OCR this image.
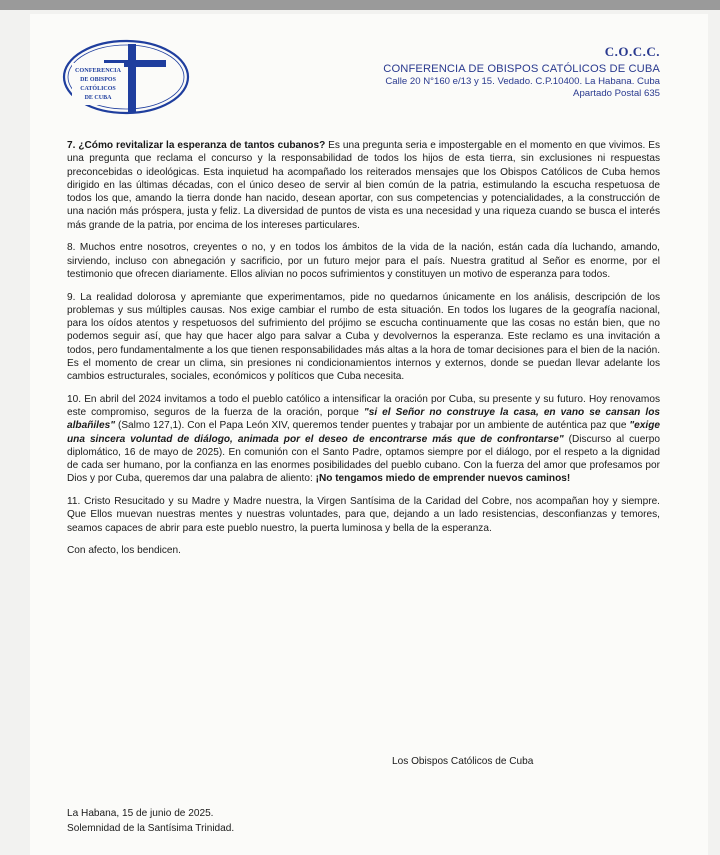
CONFERENCIA
DE OBISPOS
CATÓLICOS
DE CUBA
C.O.C.C.
CONFERENCIA DE OBISPOS CATÓLICOS DE CUBA
Calle 20 N°160 e/13 y 15. Vedado. C.P.10400. La Habana. Cuba
Apartado Postal 635

7. ¿Cómo revitalizar la esperanza de tantos cubanos? Es una pregunta seria e impostergable en el momento en que vivimos. Es una pregunta que reclama el concurso y la responsabilidad de todos los hijos de esta tierra, sin exclusiones ni respuestas preconcebidas o ideológicas. Esta inquietud ha acompañado los reiterados mensajes que los Obispos Católicos de Cuba hemos dirigido en las últimas décadas, con el único deseo de servir al bien común de la patria, estimulando la escucha respetuosa de todos los que, amando la tierra donde han nacido, desean aportar, con sus competencias y potencialidades, a la construcción de una nación más próspera, justa y feliz. La diversidad de puntos de vista es una necesidad y una riqueza cuando se busca el interés más grande de la patria, por encima de los intereses particulares.

8. Muchos entre nosotros, creyentes o no, y en todos los ámbitos de la vida de la nación, están cada día luchando, amando, sirviendo, incluso con abnegación y sacrificio, por un futuro mejor para el país. Nuestra gratitud al Señor es enorme, por el testimonio que ofrecen diariamente. Ellos alivian no pocos sufrimientos y constituyen un motivo de esperanza para todos.

9. La realidad dolorosa y apremiante que experimentamos, pide no quedarnos únicamente en los análisis, descripción de los problemas y sus múltiples causas. Nos exige cambiar el rumbo de esta situación. En todos los lugares de la geografía nacional, para los oídos atentos y respetuosos del sufrimiento del prójimo se escucha continuamente que las cosas no están bien, que no podemos seguir así, que hay que hacer algo para salvar a Cuba y devolvernos la esperanza. Este reclamo es una invitación a todos, pero fundamentalmente a los que tienen responsabilidades más altas a la hora de tomar decisiones para el bien de la nación. Es el momento de crear un clima, sin presiones ni condicionamientos internos y externos, donde se puedan llevar adelante los cambios estructurales, sociales, económicos y políticos que Cuba necesita.

10. En abril del 2024 invitamos a todo el pueblo católico a intensificar la oración por Cuba, su presente y su futuro. Hoy renovamos este compromiso, seguros de la fuerza de la oración, porque "si el Señor no construye la casa, en vano se cansan los albañiles" (Salmo 127,1). Con el Papa León XIV, queremos tender puentes y trabajar por un ambiente de auténtica paz que "exige una sincera voluntad de diálogo, animada por el deseo de encontrarse más que de confrontarse" (Discurso al cuerpo diplomático, 16 de mayo de 2025). En comunión con el Santo Padre, optamos siempre por el diálogo, por el respeto a la dignidad de cada ser humano, por la confianza en las enormes posibilidades del pueblo cubano. Con la fuerza del amor que profesamos por Dios y por Cuba, queremos dar una palabra de aliento: ¡No tengamos miedo de emprender nuevos caminos!

11. Cristo Resucitado y su Madre y Madre nuestra, la Virgen Santísima de la Caridad del Cobre, nos acompañan hoy y siempre. Que Ellos muevan nuestras mentes y nuestras voluntades, para que, dejando a un lado resistencias, desconfianzas y temores, seamos capaces de abrir para este pueblo nuestro, la puerta luminosa y bella de la esperanza.

Con afecto, los bendicen.

Los Obispos Católicos de Cuba
La Habana, 15 de junio de 2025.
Solemnidad de la Santísima Trinidad.
